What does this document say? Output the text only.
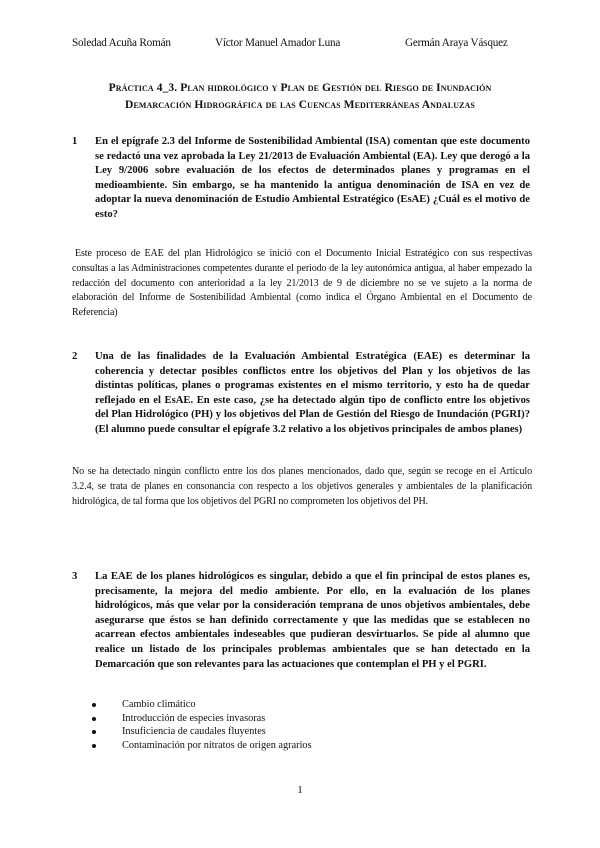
Soledad Acuña Román	Víctor Manuel Amador Luna	Germán Araya Vásquez
Práctica 4_3. Plan hidrológico y Plan de Gestión del Riesgo de Inundación
Demarcación Hidrográfica de las Cuencas Mediterráneas Andaluzas
1 En el epígrafe 2.3 del Informe de Sostenibilidad Ambiental (ISA) comentan que este documento se redactó una vez aprobada la Ley 21/2013 de Evaluación Ambiental (EA). Ley que derogó a la Ley 9/2006 sobre evaluación de los efectos de determinados planes y programas en el medioambiente. Sin embargo, se ha mantenido la antigua denominación de ISA en vez de adoptar la nueva denominación de Estudio Ambiental Estratégico (EsAE) ¿Cuál es el motivo de esto?
Este proceso de EAE del plan Hidrológico se inició con el Documento Inicial Estratégico con sus respectivas consultas a las Administraciones competentes durante el periodo de la ley autonómica antigua, al haber empezado la redacción del documento con anterioridad a la ley 21/2013 de 9 de diciembre no se ve sujeto a la norma de elaboración del Informe de Sostenibilidad Ambiental (como indica el Órgano Ambiental en el Documento de Referencia)
2 Una de las finalidades de la Evaluación Ambiental Estratégica (EAE) es determinar la coherencia y detectar posibles conflictos entre los objetivos del Plan y los objetivos de las distintas políticas, planes o programas existentes en el mismo territorio, y esto ha de quedar reflejado en el EsAE. En este caso, ¿se ha detectado algún tipo de conflicto entre los objetivos del Plan Hidrológico (PH) y los objetivos del Plan de Gestión del Riesgo de Inundación (PGRI)? (El alumno puede consultar el epígrafe 3.2 relativo a los objetivos principales de ambos planes)
No se ha detectado ningún conflicto entre los dos planes mencionados, dado que, según se recoge en el Artículo 3.2.4, se trata de planes en consonancia con respecto a los objetivos generales y ambientales de la planificación hidrológica, de tal forma que los objetivos del PGRI no comprometen los objetivos del PH.
3 La EAE de los planes hidrológicos es singular, debido a que el fin principal de estos planes es, precisamente, la mejora del medio ambiente. Por ello, en la evaluación de los planes hidrológicos, más que velar por la consideración temprana de unos objetivos ambientales, debe asegurarse que éstos se han definido correctamente y que las medidas que se establecen no acarrean efectos ambientales indeseables que pudieran desvirtuarlos. Se pide al alumno que realice un listado de los principales problemas ambientales que se han detectado en la Demarcación que son relevantes para las actuaciones que contemplan el PH y el PGRI.
Cambio climático
Introducción de especies invasoras
Insuficiencia de caudales fluyentes
Contaminación por nitratos de origen agrarios
1
